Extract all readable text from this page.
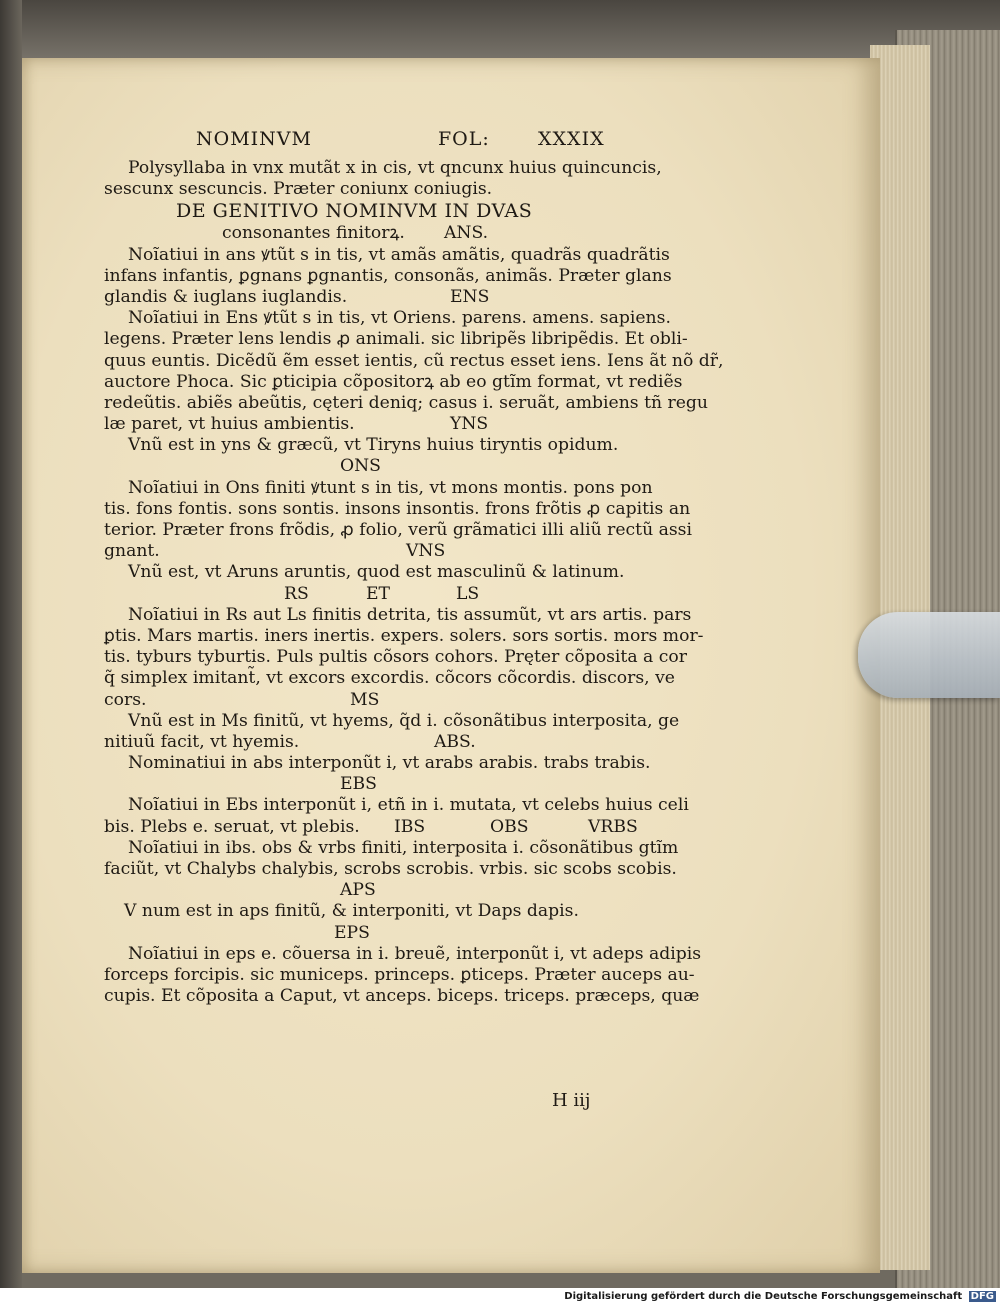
NOMINVM	FOL:	XXXIX
Polysyllaba in vnx mutãt x in cis, vt qncunx huius quincuncis,
sescunx sescuncis. Præter coniunx coniugis.
DE GENITIVO NOMINVM IN DVAS
consonantes finitorꝝ. ANS.
Noĩatiui in ans ꝟtũt s in tis, vt amãs amãtis, quadrãs quadrãtis
infans infantis, ꝑgnans ꝑgnantis, consonãs, animãs. Præter glans
glandis & iuglans iuglandis.	ENS
Noĩatiui in Ens ꝟtũt s in tis, vt Oriens. parens. amens. sapiens.
legens. Præter lens lendis ꝓ animali. sic libripẽs libripẽdis. Et obli-
quus euntis. Dicẽdũ ẽm esset ientis, cũ rectus esset iens. Iens ãt nõ dr̃,
auctore Phoca. Sic ꝑticipia cõpositorꝝ ab eo gtĩm format, vt rediẽs
redeũtis. abiẽs abeũtis, cęteri deniq; casus i. seruãt, ambiens tñ regu
læ paret, vt huius ambientis.	YNS
Vnũ est in yns & græcũ, vt Tiryns huius tiryntis opidum.
ONS
Noĩatiui in Ons finiti ꝟtunt s in tis, vt mons montis. pons pon
tis. fons fontis. sons sontis. insons insontis. frons frõtis ꝓ capitis an
terior. Præter frons frõdis, ꝓ folio, verũ grãmatici illi aliũ rectũ assi
gnant.	VNS
Vnũ est, vt Aruns aruntis, quod est masculinũ & latinum.
RS	ET	LS
Noĩatiui in Rs aut Ls finitis detrita, tis assumũt, vt ars artis. pars
ꝑtis. Mars martis. iners inertis. expers. solers. sors sortis. mors mor-
tis. tyburs tyburtis. Puls pultis cõsors cohors. Pręter cõposita a cor
q̃ simplex imitant̃, vt excors excordis. cõcors cõcordis. discors, ve
cors.	MS
Vnũ est in Ms finitũ, vt hyems, q̃d i. cõsonãtibus interposita, ge
nitiuũ facit, vt hyemis.	ABS.
Nominatiui in abs interponũt i, vt arabs arabis. trabs trabis.
EBS
Noĩatiui in Ebs interponũt i, etñ in i. mutata, vt celebs huius celi
bis. Plebs e. seruat, vt plebis. IBS	OBS	VRBS
Noĩatiui in ibs. obs & vrbs finiti, interposita i. cõsonãtibus gtĩm
faciũt, vt Chalybs chalybis, scrobs scrobis. vrbis. sic scobs scobis.
APS
V num est in aps finitũ, & interponiti, vt Daps dapis.
EPS
Noĩatiui in eps e. cõuersa in i. breuẽ, interponũt i, vt adeps adipis
forceps forcipis. sic municeps. princeps. ꝑticeps. Præter auceps au-
cupis. Et cõposita a Caput, vt anceps. biceps. triceps. præceps, quæ
H iij
Digitalisierung gefördert durch die Deutsche Forschungsgemeinschaft DFG
